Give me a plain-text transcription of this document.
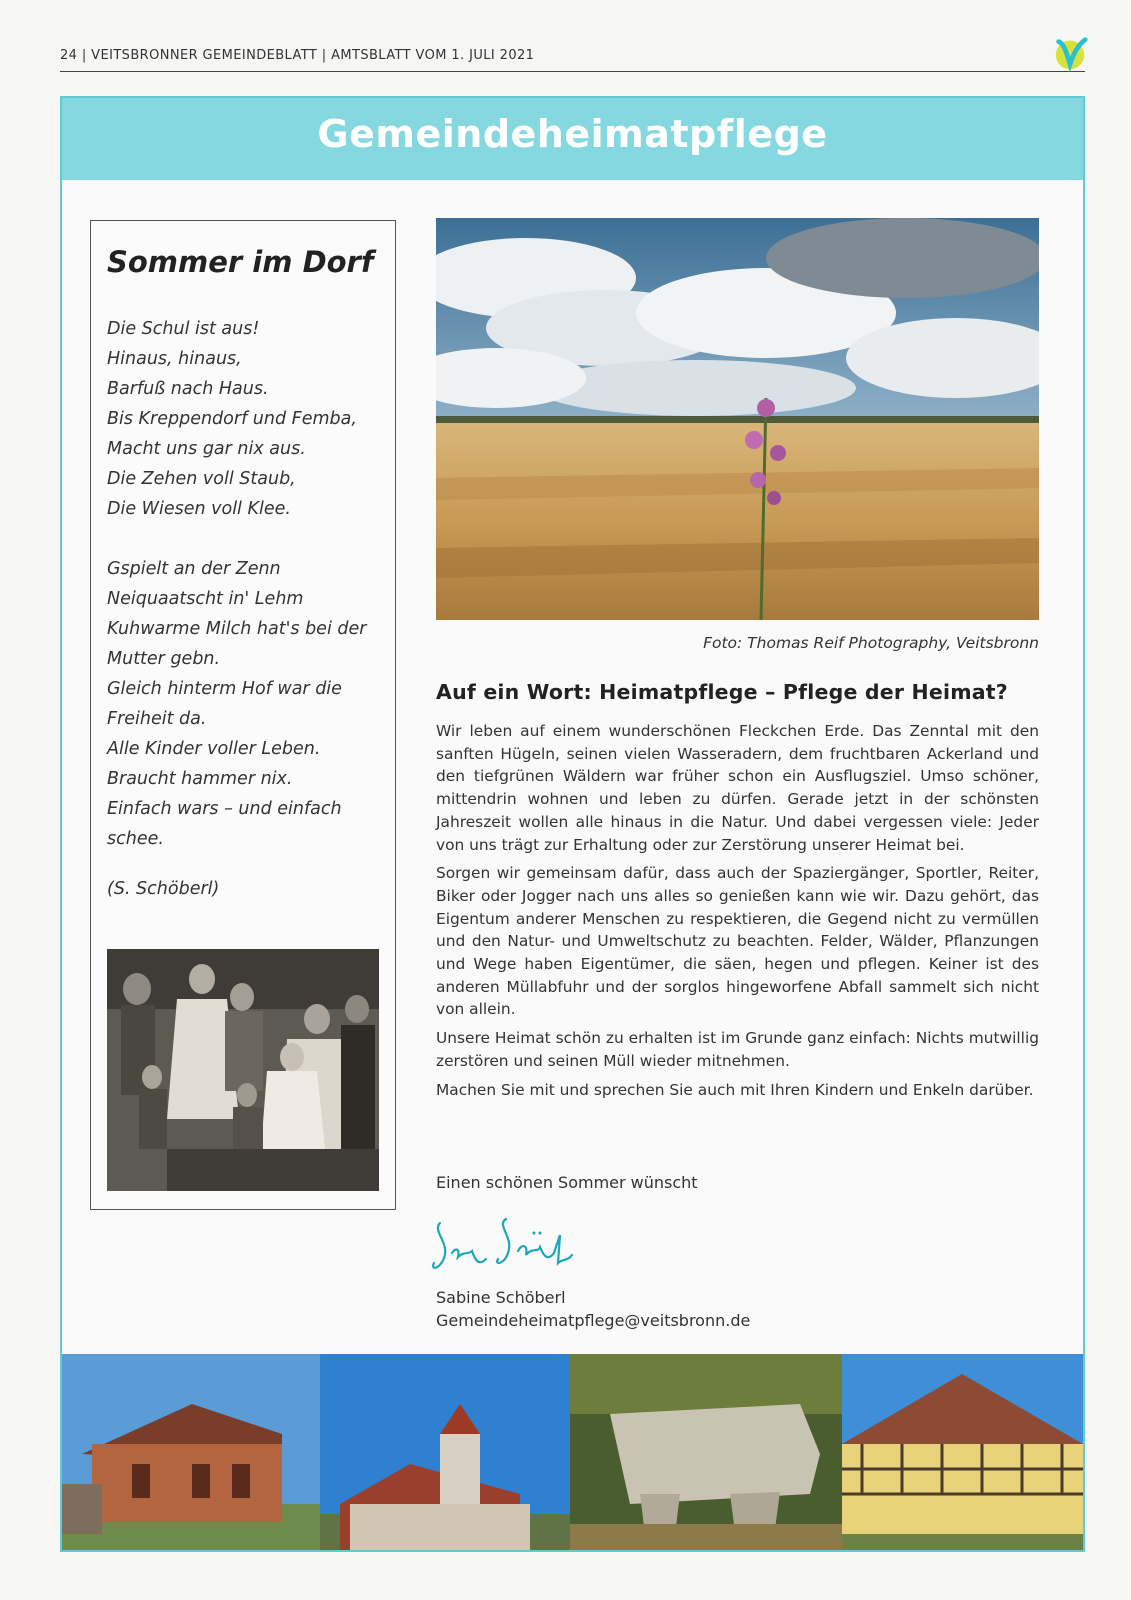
24 | VEITSBRONNER GEMEINDEBLATT | AMTSBLATT VOM 1. JULI 2021
Gemeindeheimatpflege
Sommer im Dorf
Die Schul ist aus!
Hinaus, hinaus,
Barfuß nach Haus.
Bis Kreppendorf und Femba,
Macht uns gar nix aus.
Die Zehen voll Staub,
Die Wiesen voll Klee.
Gspielt an der Zenn
Neiquaatscht in' Lehm
Kuhwarme Milch hat's bei der
Mutter gebn.
Gleich hinterm Hof war die
Freiheit da.
Alle Kinder voller Leben.
Braucht hammer nix.
Einfach wars – und einfach
schee.
(S. Schöberl)
Foto: Thomas Reif Photography, Veitsbronn
Auf ein Wort: Heimatpflege – Pflege der Heimat?

Wir leben auf einem wunderschönen Fleckchen Erde. Das Zenntal mit den sanften Hügeln, seinen vielen Wasseradern, dem fruchtbaren Ackerland und den tiefgrünen Wäldern war früher schon ein Ausflugsziel. Umso schöner, mittendrin wohnen und leben zu dürfen. Gerade jetzt in der schönsten Jahreszeit wollen alle hinaus in die Natur. Und dabei vergessen viele: Jeder von uns trägt zur Erhaltung oder zur Zerstörung unserer Heimat bei.

Sorgen wir gemeinsam dafür, dass auch der Spaziergänger, Sportler, Reiter, Biker oder Jogger nach uns alles so genießen kann wie wir. Dazu gehört, das Eigentum anderer Menschen zu respektieren, die Gegend nicht zu vermüllen und den Natur- und Umweltschutz zu beachten. Felder, Wälder, Pflanzungen und Wege haben Eigentümer, die säen, hegen und pflegen. Keiner ist des anderen Müllabfuhr und der sorglos hingeworfene Abfall sammelt sich nicht von allein.

Unsere Heimat schön zu erhalten ist im Grunde ganz einfach: Nichts mutwillig zerstören und seinen Müll wieder mitnehmen.

Machen Sie mit und sprechen Sie auch mit Ihren Kindern und Enkeln darüber.

Einen schönen Sommer wünscht
Sabine Schöberl
Gemeindeheimatpflege@veitsbronn.de
